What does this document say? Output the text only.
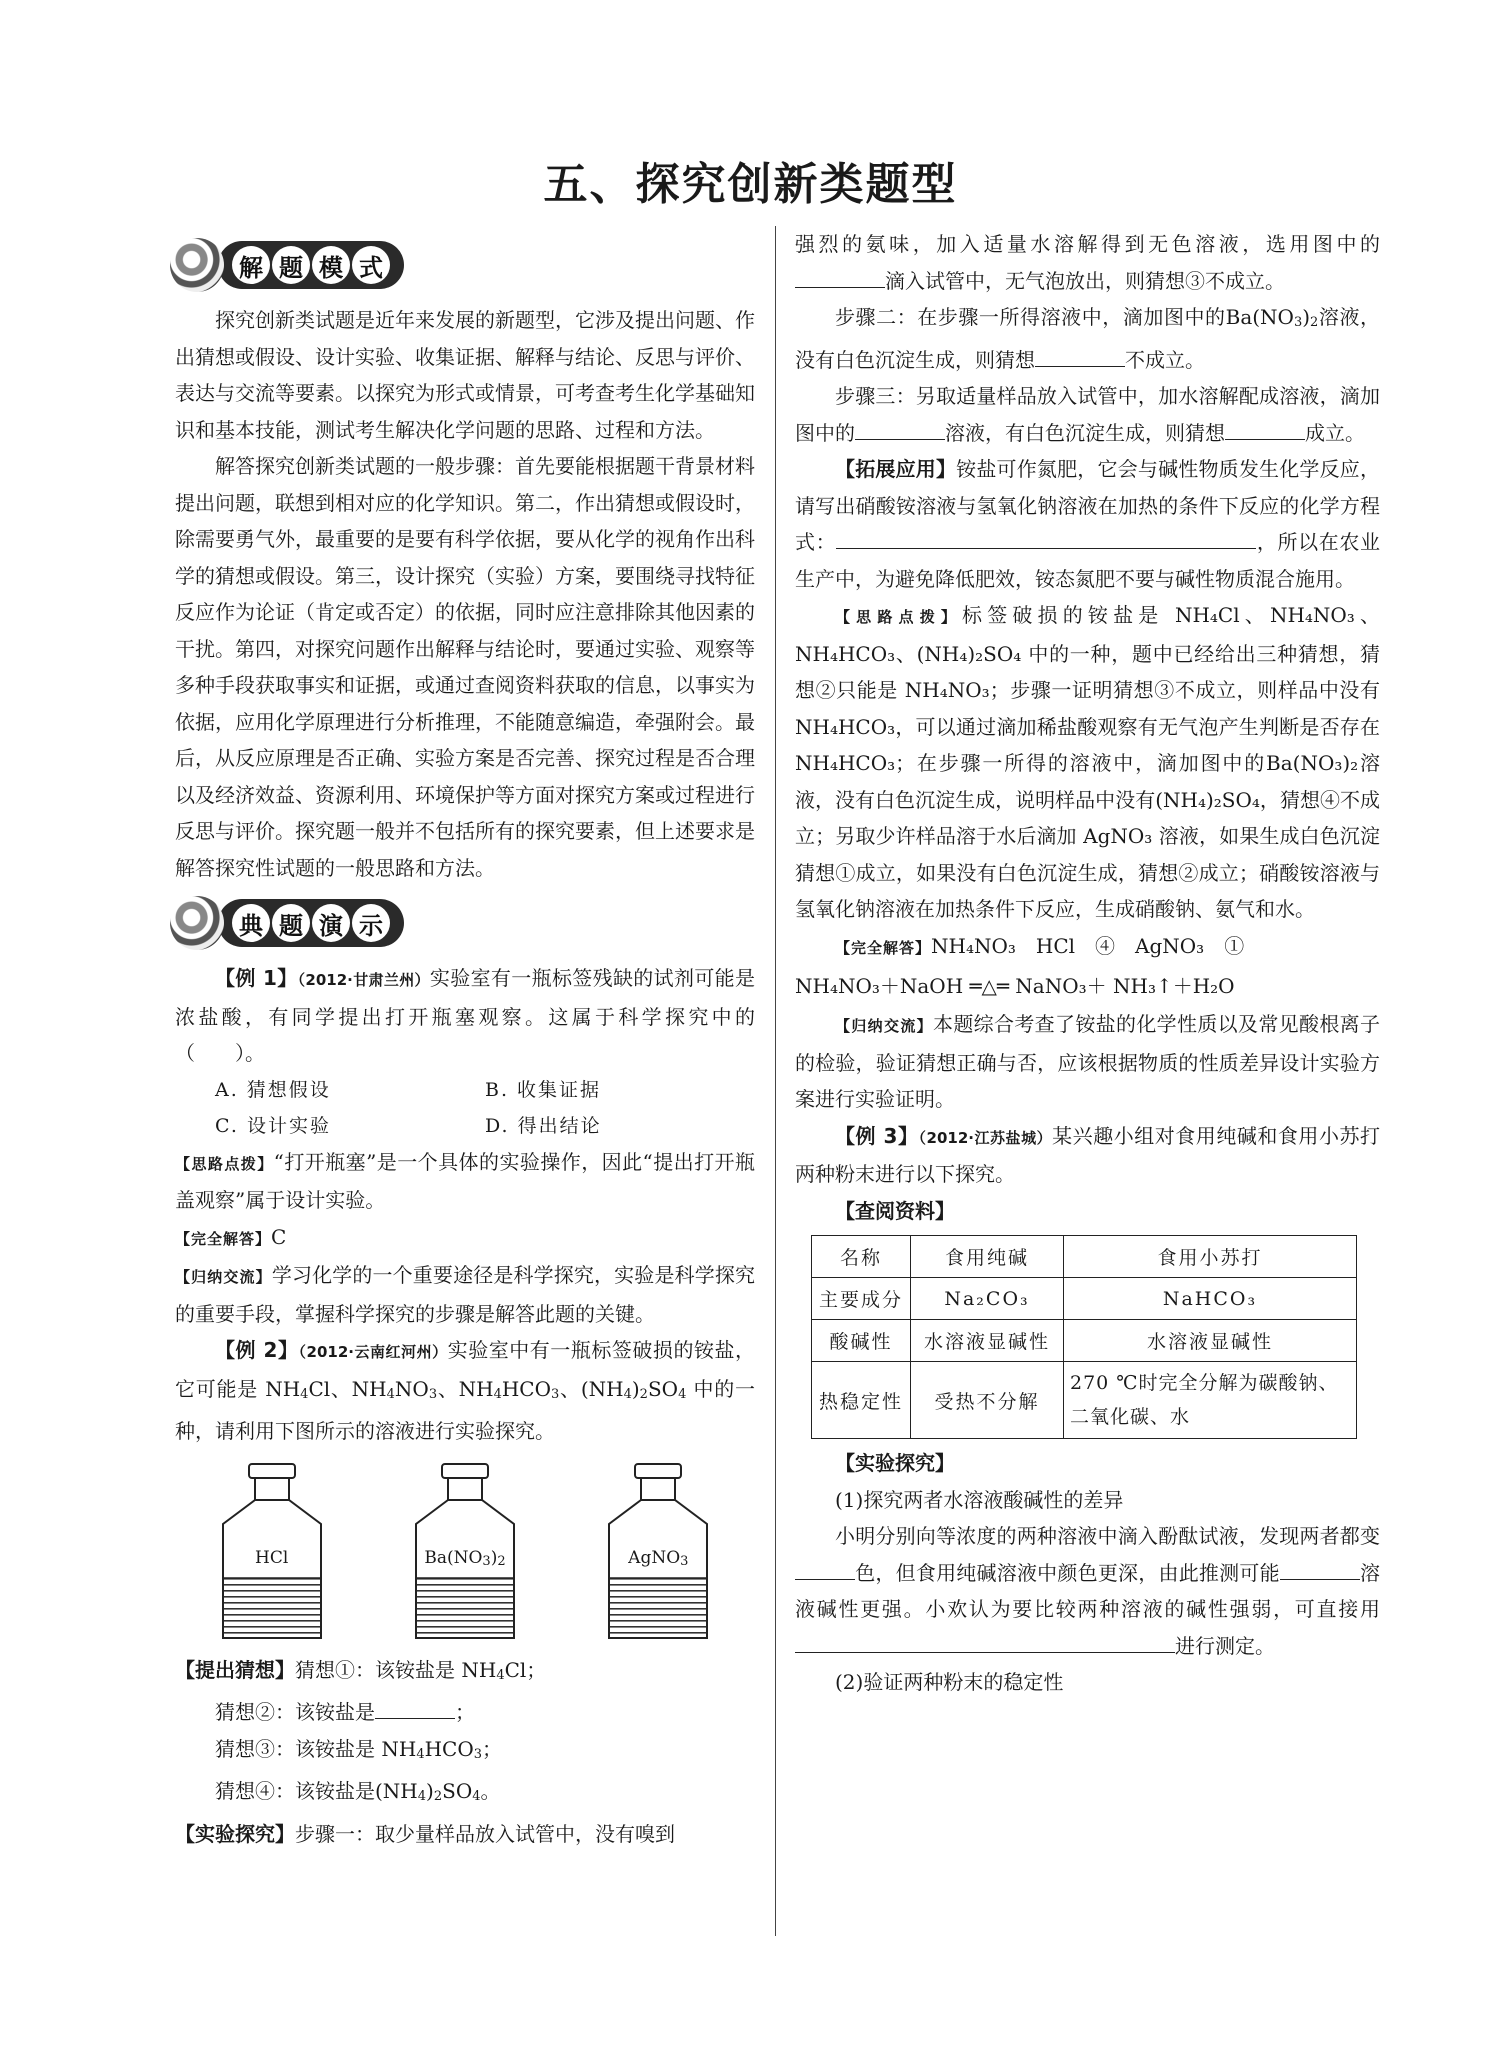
五、探究创新类题型
解 题 模 式

探究创新类试题是近年来发展的新题型，它涉及提出问题、作出猜想或假设、设计实验、收集证据、解释与结论、反思与评价、表达与交流等要素。以探究为形式或情景，可考查考生化学基础知识和基本技能，测试考生解决化学问题的思路、过程和方法。

解答探究创新类试题的一般步骤：首先要能根据题干背景材料提出问题，联想到相对应的化学知识。第二，作出猜想或假设时，除需要勇气外，最重要的是要有科学依据，要从化学的视角作出科学的猜想或假设。第三，设计探究（实验）方案，要围绕寻找特征反应作为论证（肯定或否定）的依据，同时应注意排除其他因素的干扰。第四，对探究问题作出解释与结论时，要通过实验、观察等多种手段获取事实和证据，或通过查阅资料获取的信息，以事实为依据，应用化学原理进行分析推理，不能随意编造，牵强附会。最后，从反应原理是否正确、实验方案是否完善、探究过程是否合理以及经济效益、资源利用、环境保护等方面对探究方案或过程进行反思与评价。探究题一般并不包括所有的探究要素，但上述要求是解答探究性试题的一般思路和方法。

典 题 演 示

【例 1】（2012·甘肃兰州）实验室有一瓶标签残缺的试剂可能是浓盐酸，有同学提出打开瓶塞观察。这属于科学探究中的（　　）。

A. 猜想假设	B. 收集证据
C. 设计实验	D. 得出结论

【思路点拨】“打开瓶塞”是一个具体的实验操作，因此“提出打开瓶盖观察”属于设计实验。

【完全解答】C

【归纳交流】学习化学的一个重要途径是科学探究，实验是科学探究的重要手段，掌握科学探究的步骤是解答此题的关键。

【例 2】（2012·云南红河州）实验室中有一瓶标签破损的铵盐，它可能是 $NH_4Cl$、$NH_4NO_3$、$NH_4HCO_3$、$(NH_4)_2SO_4$ 中的一种，请利用下图所示的溶液进行实验探究。

HCl	$Ba(NO_3)_2$	AgNO$_3$

【提出猜想】猜想①：该铵盐是 $NH_4Cl$；

猜想②：该铵盐是	；

猜想③：该铵盐是 $NH_4HCO_3$；

猜想④：该铵盐是$(NH_4)_2SO_4$。

【实验探究】步骤一：取少量样品放入试管中，没有嗅到

强烈的氨味，加入适量水溶解得到无色溶液，选用图中的滴入试管中，无气泡放出，则猜想③不成立。

步骤二：在步骤一所得溶液中，滴加图中的$Ba(NO_3)_2$溶液，没有白色沉淀生成，则猜想	不成立。

步骤三：另取适量样品放入试管中，加水溶解配成溶液，滴加图中的	溶液，有白色沉淀生成，则猜想	成立。

【拓展应用】铵盐可作氮肥，它会与碱性物质发生化学反应，请写出硝酸铵溶液与氢氧化钠溶液在加热的条件下反应的化学方程式：	，所以在农业生产中，为避免降低肥效，铵态氮肥不要与碱性物质混合施用。

【思路点拨】标签破损的铵盐是 NH₄Cl、NH₄NO₃、NH₄HCO₃、(NH₄)₂SO₄ 中的一种，题中已经给出三种猜想，猜想②只能是 NH₄NO₃；步骤一证明猜想③不成立，则样品中没有 NH₄HCO₃，可以通过滴加稀盐酸观察有无气泡产生判断是否存在 NH₄HCO₃；在步骤一所得的溶液中，滴加图中的Ba(NO₃)₂溶液，没有白色沉淀生成，说明样品中没有(NH₄)₂SO₄，猜想④不成立；另取少许样品溶于水后滴加 AgNO₃ 溶液，如果生成白色沉淀猜想①成立，如果没有白色沉淀生成，猜想②成立；硝酸铵溶液与氢氧化钠溶液在加热条件下反应，生成硝酸钠、氨气和水。

【完全解答】NH₄NO₃　HCl　④　AgNO₃　①

NH₄NO₃＋NaOH ═△═ NaNO₃＋ NH₃↑＋H₂O

【归纳交流】本题综合考查了铵盐的化学性质以及常见酸根离子的检验，验证猜想正确与否，应该根据物质的性质差异设计实验方案进行实验证明。

【例 3】（2012·江苏盐城）某兴趣小组对食用纯碱和食用小苏打两种粉末进行以下探究。

【查阅资料】

名称	食用纯碱	食用小苏打
主要成分	Na₂CO₃	NaHCO₃
酸碱性	水溶液显碱性	水溶液显碱性
热稳定性	受热不分解	270 ℃时完全分解为碳酸钠、二氧化碳、水

【实验探究】

(1)探究两者水溶液酸碱性的差异

小明分别向等浓度的两种溶液中滴入酚酞试液，发现两者都变色，但食用纯碱溶液中颜色更深，由此推测可能	溶液碱性更强。小欢认为要比较两种溶液的碱性强弱，可直接用进行测定。

(2)验证两种粉末的稳定性
